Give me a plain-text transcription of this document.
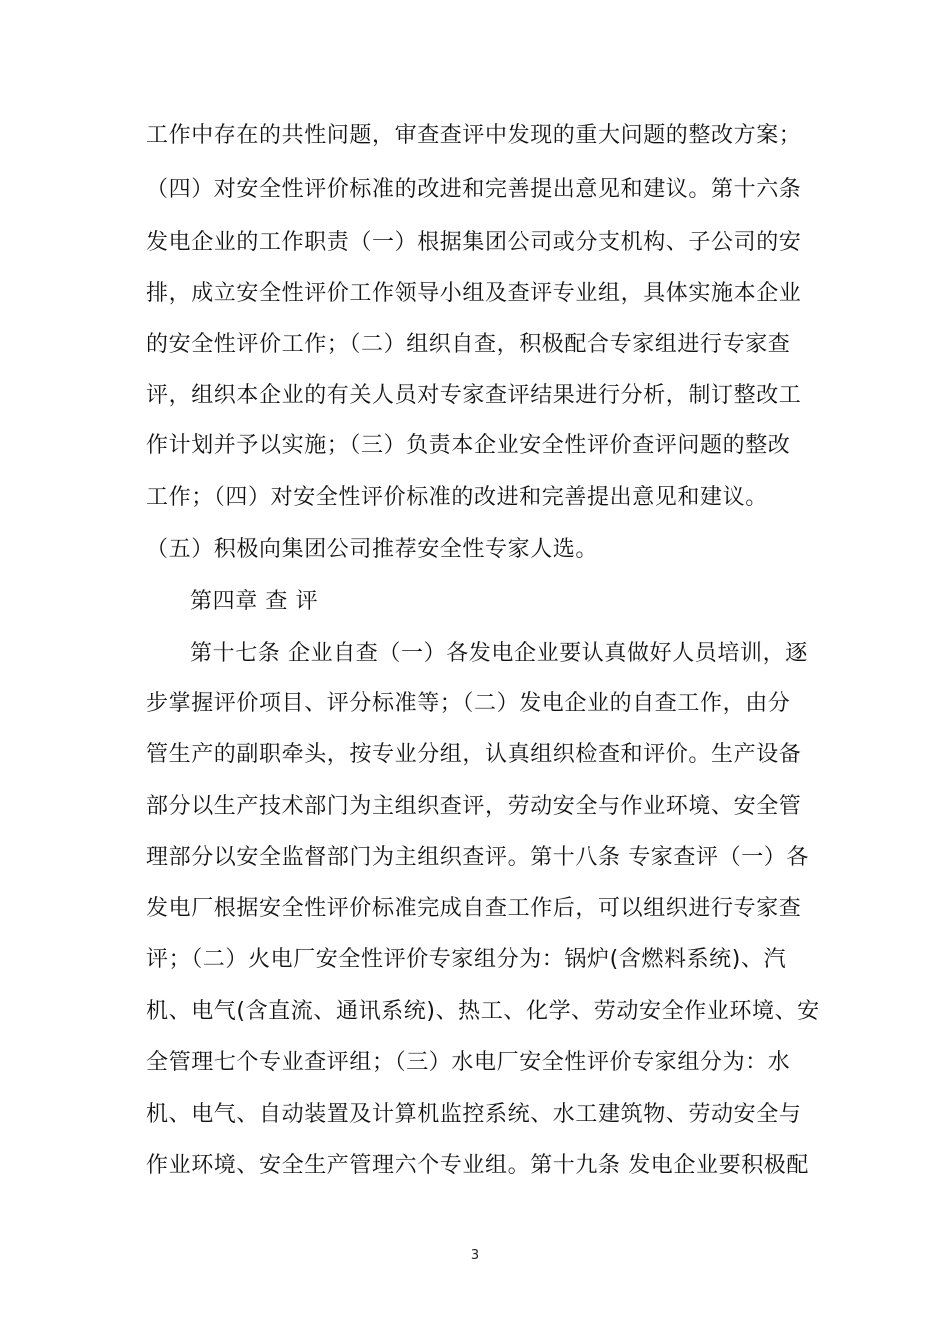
工作中存在的共性问题，审查查评中发现的重大问题的整改方案；
（四）对安全性评价标准的改进和完善提出意见和建议。第十六条
发电企业的工作职责（一）根据集团公司或分支机构、子公司的安
排，成立安全性评价工作领导小组及查评专业组，具体实施本企业
的安全性评价工作；（二）组织自查，积极配合专家组进行专家查
评，组织本企业的有关人员对专家查评结果进行分析，制订整改工
作计划并予以实施；（三）负责本企业安全性评价查评问题的整改
工作；（四）对安全性评价标准的改进和完善提出意见和建议。
（五）积极向集团公司推荐安全性专家人选。
第四章 查 评
第十七条 企业自查（一）各发电企业要认真做好人员培训，逐
步掌握评价项目、评分标准等；（二）发电企业的自查工作，由分
管生产的副职牵头，按专业分组，认真组织检查和评价。生产设备
部分以生产技术部门为主组织查评，劳动安全与作业环境、安全管
理部分以安全监督部门为主组织查评。第十八条 专家查评（一）各
发电厂根据安全性评价标准完成自查工作后，可以组织进行专家查
评；（二）火电厂安全性评价专家组分为：锅炉(含燃料系统)、汽
机、电气(含直流、通讯系统)、热工、化学、劳动安全作业环境、安
全管理七个专业查评组；（三）水电厂安全性评价专家组分为：水
机、电气、自动装置及计算机监控系统、水工建筑物、劳动安全与
作业环境、安全生产管理六个专业组。第十九条 发电企业要积极配
3
